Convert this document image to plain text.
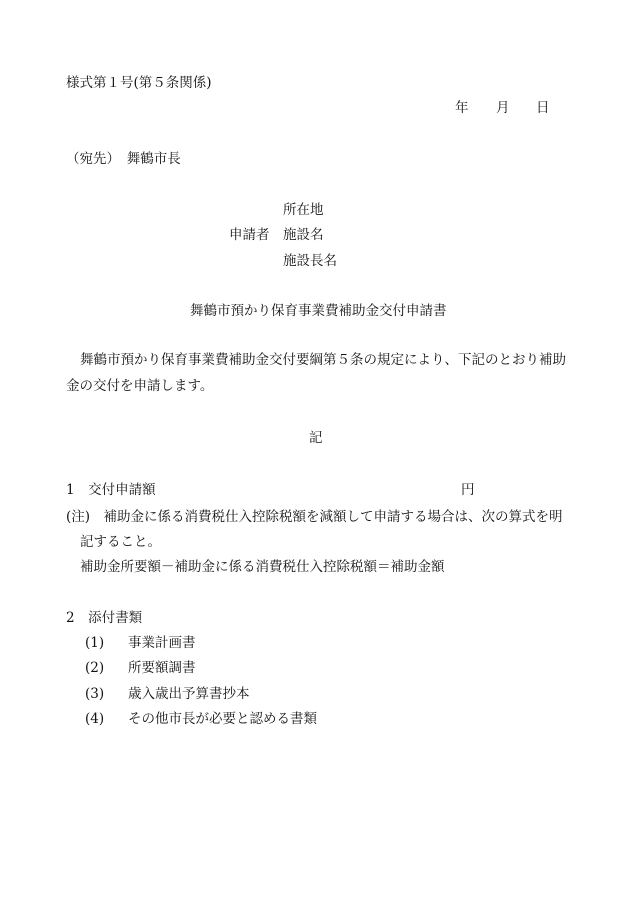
様式第１号(第５条関係)
年 月 日
（宛先）　舞鶴市長
所在地
申請者 施設名
施設長名
舞鶴市預かり保育事業費補助金交付申請書
舞鶴市預かり保育事業費補助金交付要綱第５条の規定により、下記のとおり補助
金の交付を申請します。
記
1　交付申請額	円
(注)　補助金に係る消費税仕入控除税額を減額して申請する場合は、次の算式を明
記すること。
補助金所要額－補助金に係る消費税仕入控除税額＝補助金額
2　添付書類
(1) 事業計画書
(2) 所要額調書
(3) 歳入歳出予算書抄本
(4) その他市長が必要と認める書類
